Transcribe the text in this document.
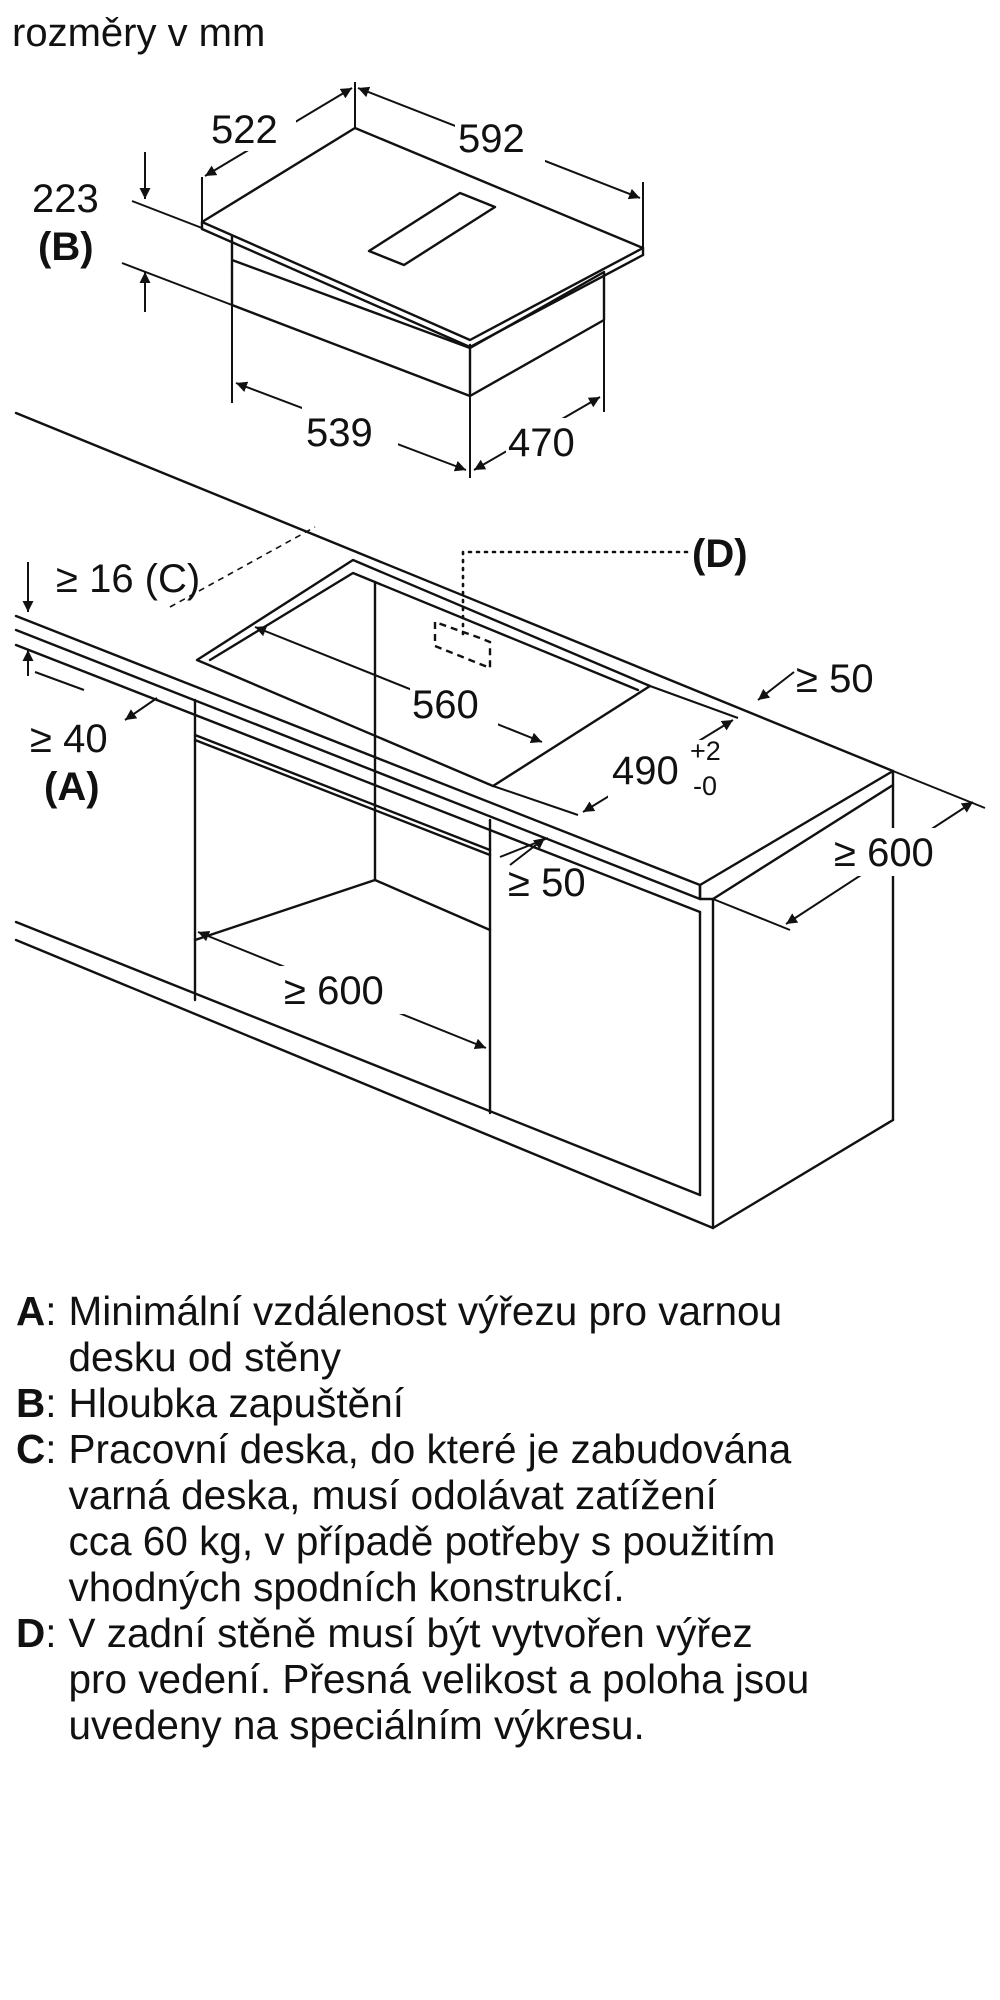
rozměry v mm
522	592
223
(B)
539	470
(D)
≥ 16 (C)
≥ 40
(A)
560
490 +2
-0
≥ 50
≥ 50
≥ 600
≥ 600
A : Minimální vzdálenost výřezu pro varnou
desku od stěny
B : Hloubka zapuštění
C : Pracovní deska, do které je zabudována
varná deska, musí odolávat zatížení
cca 60 kg, v případě potřeby s použitím
vhodných spodních konstrukcí.
D : V zadní stěně musí být vytvořen výřez
pro vedení. Přesná velikost a poloha jsou
uvedeny na speciálním výkresu.
